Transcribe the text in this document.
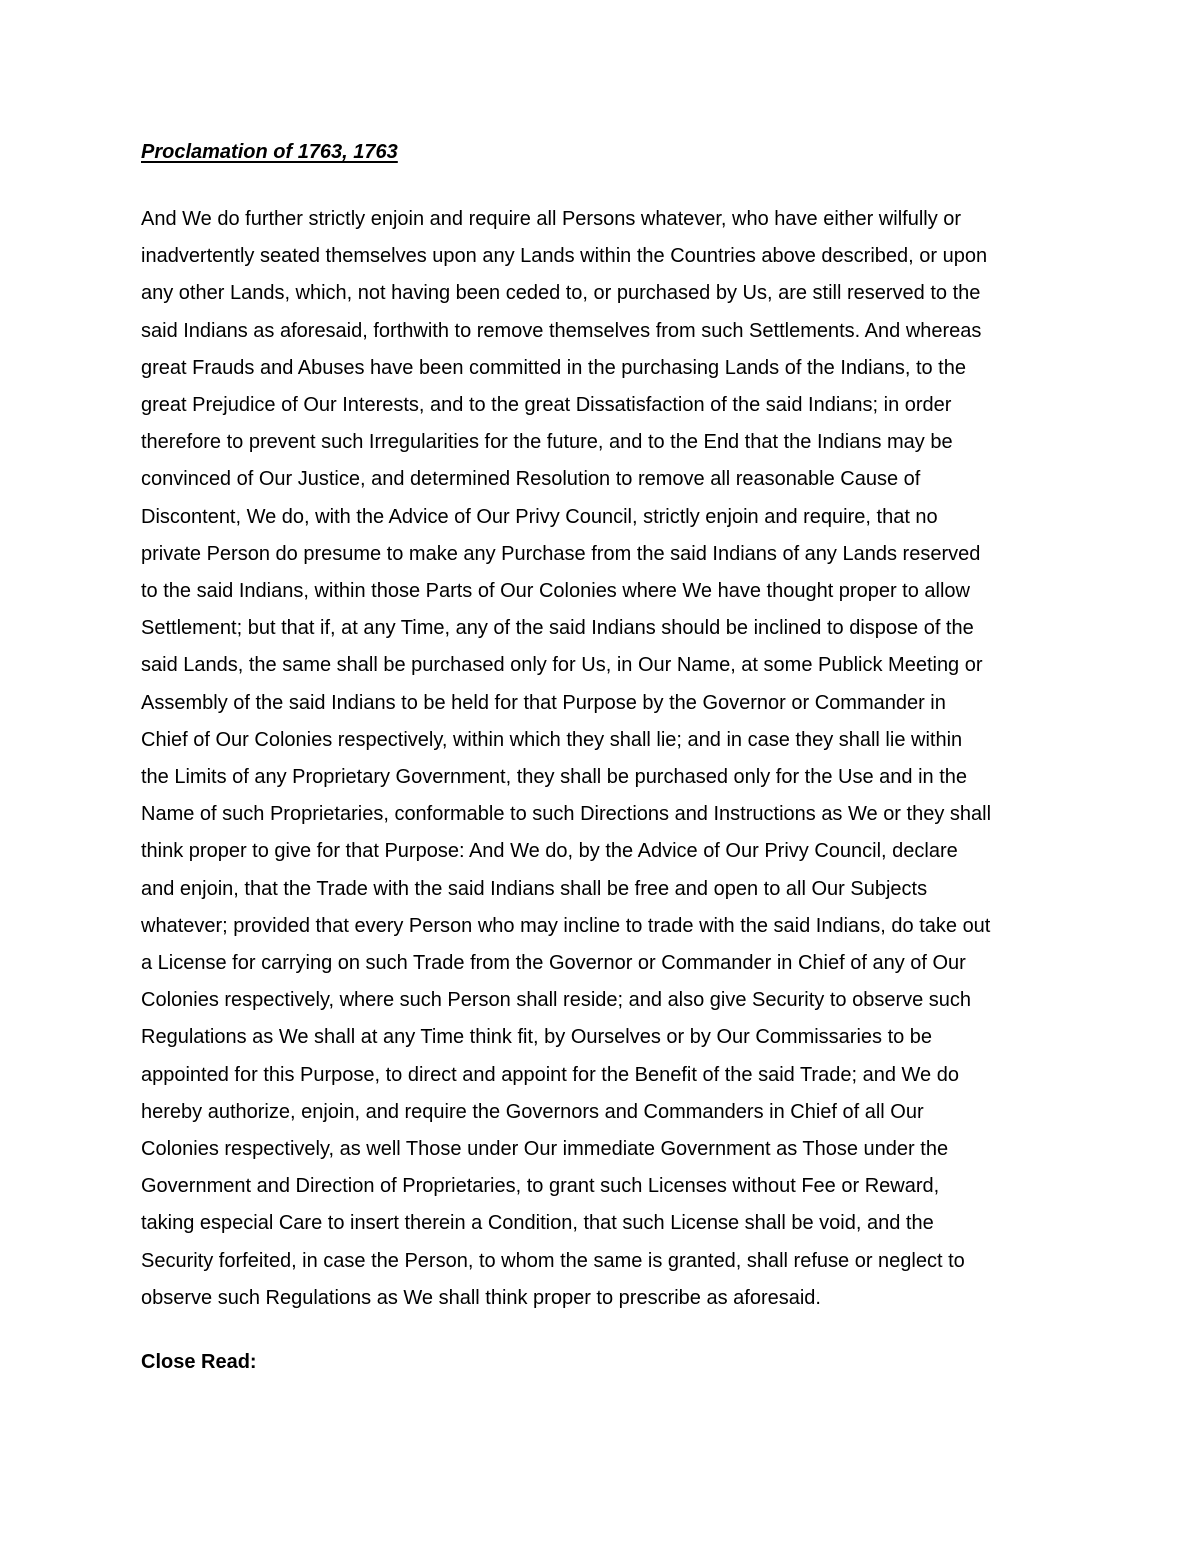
Proclamation of 1763, 1763

And We do further strictly enjoin and require all Persons whatever, who have either wilfully or
inadvertently seated themselves upon any Lands within the Countries above described, or upon
any other Lands, which, not having been ceded to, or purchased by Us, are still reserved to the
said Indians as aforesaid, forthwith to remove themselves from such Settlements. And whereas
great Frauds and Abuses have been committed in the purchasing Lands of the Indians, to the
great Prejudice of Our Interests, and to the great Dissatisfaction of the said Indians; in order
therefore to prevent such Irregularities for the future, and to the End that the Indians may be
convinced of Our Justice, and determined Resolution to remove all reasonable Cause of
Discontent, We do, with the Advice of Our Privy Council, strictly enjoin and require, that no
private Person do presume to make any Purchase from the said Indians of any Lands reserved
to the said Indians, within those Parts of Our Colonies where We have thought proper to allow
Settlement; but that if, at any Time, any of the said Indians should be inclined to dispose of the
said Lands, the same shall be purchased only for Us, in Our Name, at some Publick Meeting or
Assembly of the said Indians to be held for that Purpose by the Governor or Commander in
Chief of Our Colonies respectively, within which they shall lie; and in case they shall lie within
the Limits of any Proprietary Government, they shall be purchased only for the Use and in the
Name of such Proprietaries, conformable to such Directions and Instructions as We or they shall
think proper to give for that Purpose: And We do, by the Advice of Our Privy Council, declare
and enjoin, that the Trade with the said Indians shall be free and open to all Our Subjects
whatever; provided that every Person who may incline to trade with the said Indians, do take out
a License for carrying on such Trade from the Governor or Commander in Chief of any of Our
Colonies respectively, where such Person shall reside; and also give Security to observe such
Regulations as We shall at any Time think fit, by Ourselves or by Our Commissaries to be
appointed for this Purpose, to direct and appoint for the Benefit of the said Trade; and We do
hereby authorize, enjoin, and require the Governors and Commanders in Chief of all Our
Colonies respectively, as well Those under Our immediate Government as Those under the
Government and Direction of Proprietaries, to grant such Licenses without Fee or Reward,
taking especial Care to insert therein a Condition, that such License shall be void, and the
Security forfeited, in case the Person, to whom the same is granted, shall refuse or neglect to
observe such Regulations as We shall think proper to prescribe as aforesaid.

Close Read:
